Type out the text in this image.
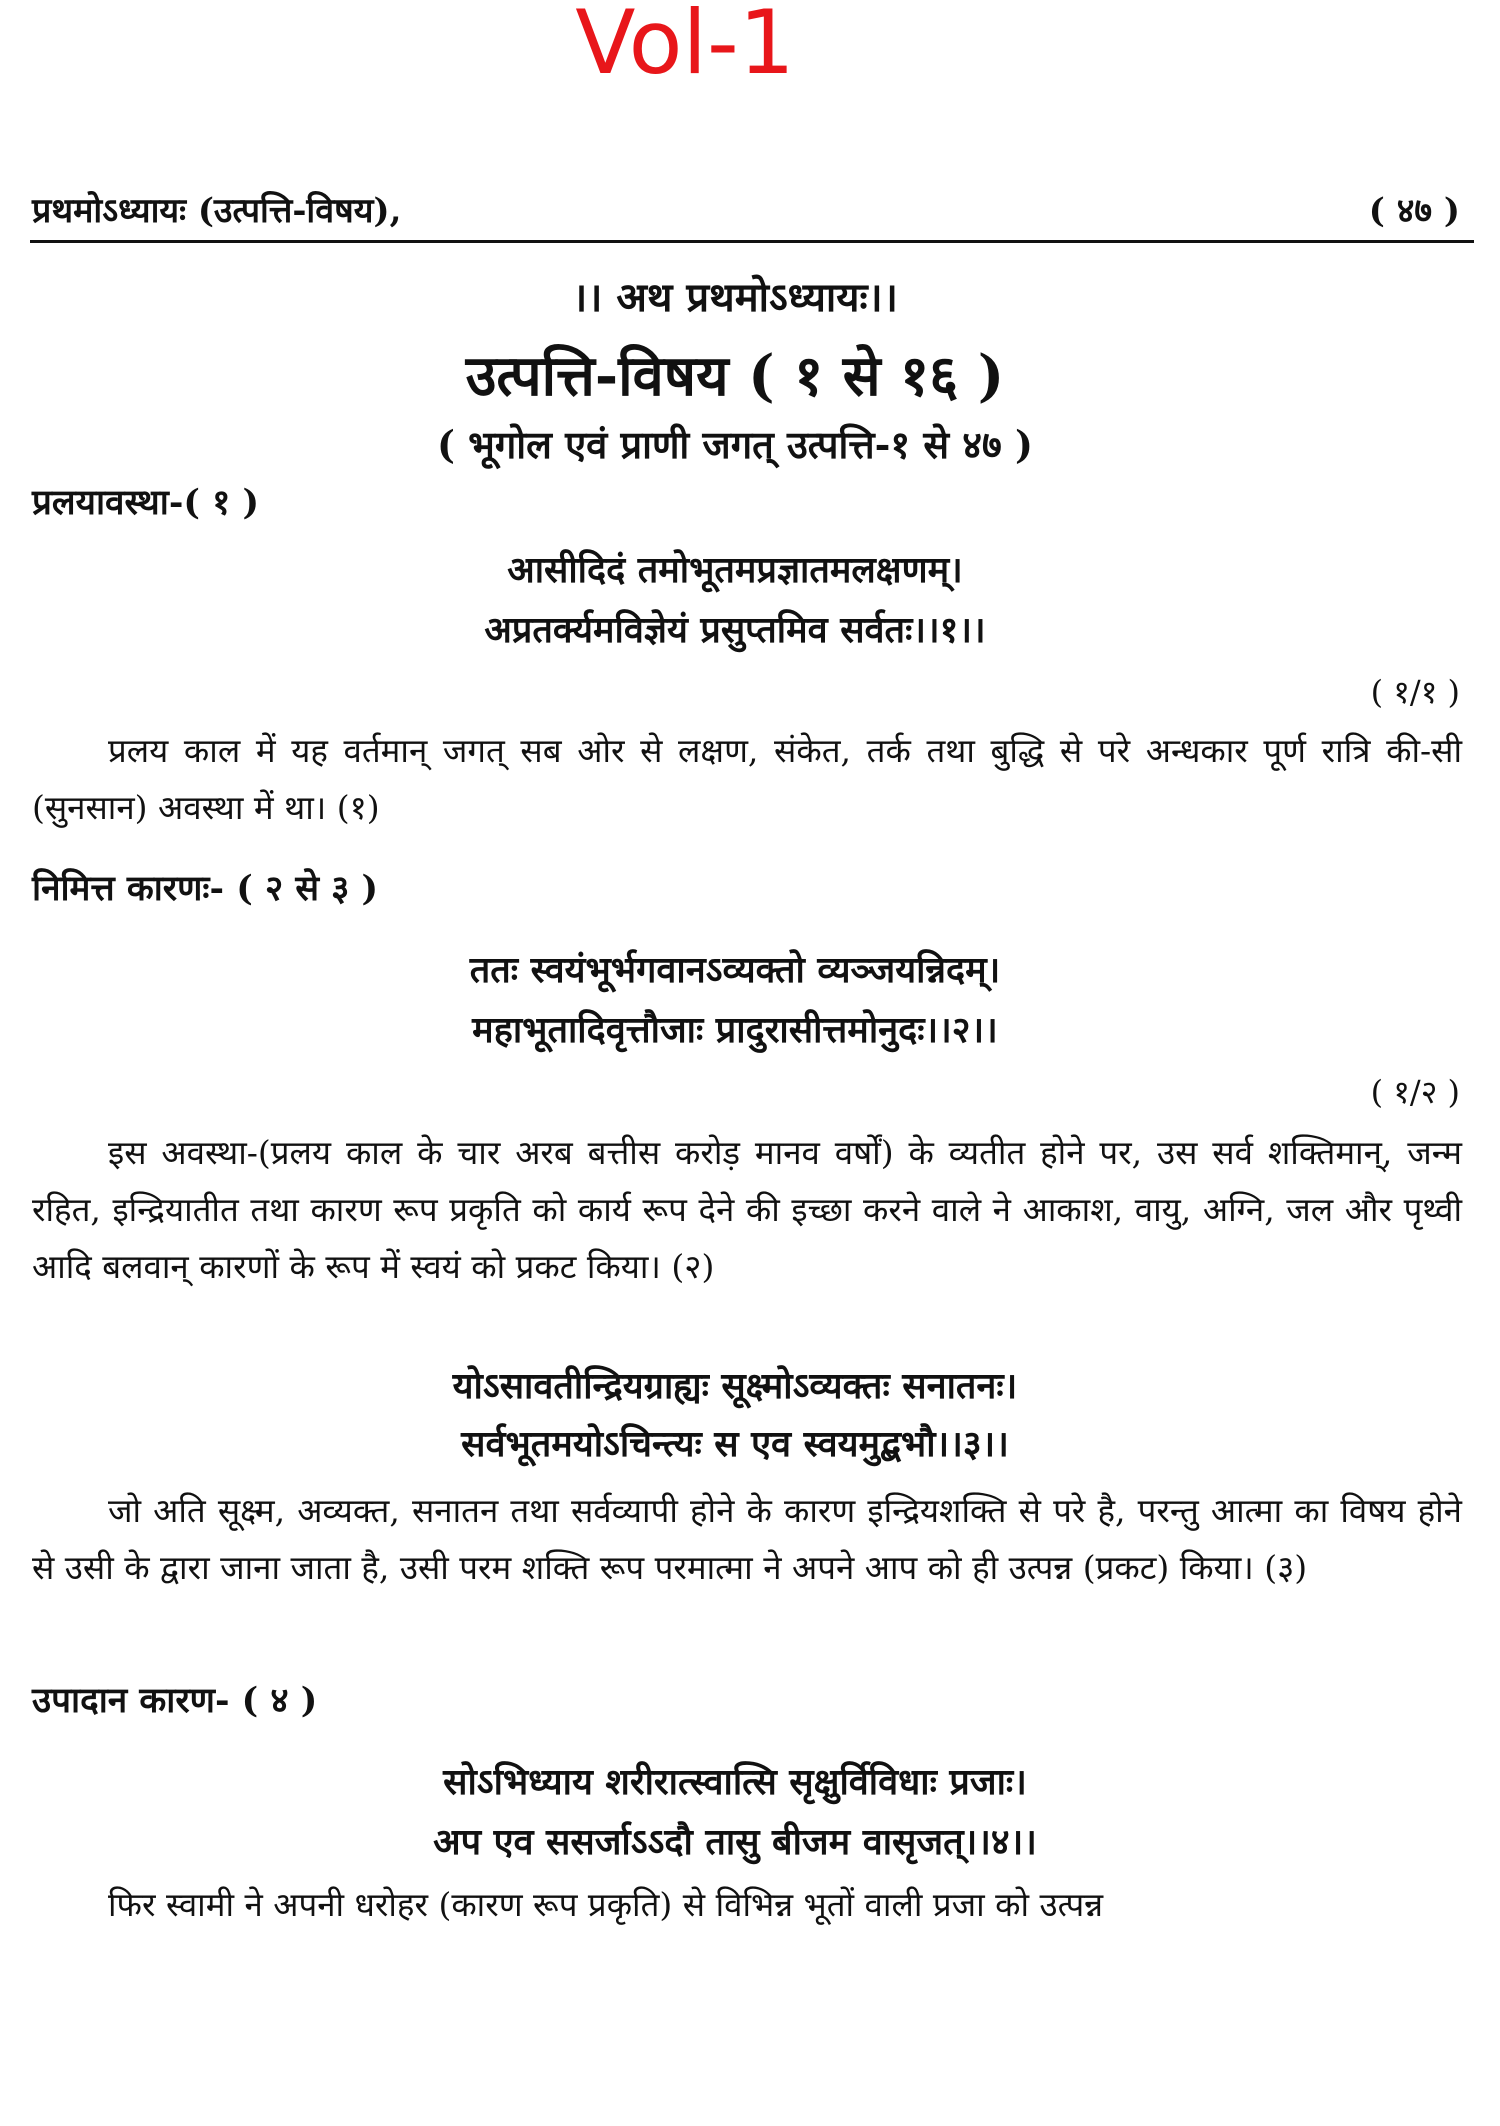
Vol-1
प्रथमोऽध्यायः (उत्पत्ति-विषय),	( ४७ )
।। अथ प्रथमोऽध्यायः।।
उत्पत्ति-विषय ( १ से १६ )
( भूगोल एवं प्राणी जगत् उत्पत्ति-१ से ४७ )
प्रलयावस्था-( १ )
आसीदिदं तमोभूतमप्रज्ञातमलक्षणम्।
अप्रतर्क्यमविज्ञेयं प्रसुप्तमिव सर्वतः।।१।।
( १/१ )

प्रलय काल में यह वर्तमान् जगत् सब ओर से लक्षण, संकेत, तर्क तथा बुद्धि से परे अन्धकार पूर्ण रात्रि की-सी (सुनसान) अवस्था में था। (१)

निमित्त कारणः- ( २ से ३ )
ततः स्वयंभूर्भगवानऽव्यक्तो व्यञ्जयन्निदम्।
महाभूतादिवृत्तौजाः प्रादुरासीत्तमोनुदः।।२।।
( १/२ )

इस अवस्था-(प्रलय काल के चार अरब बत्तीस करोड़ मानव वर्षों) के व्यतीत होने पर, उस सर्व शक्तिमान्, जन्म रहित, इन्द्रियातीत तथा कारण रूप प्रकृति को कार्य रूप देने की इच्छा करने वाले ने आकाश, वायु, अग्नि, जल और पृथ्वी आदि बलवान् कारणों के रूप में स्वयं को प्रकट किया। (२)

योऽसावतीन्द्रियग्राह्यः सूक्ष्मोऽव्यक्तः सनातनः।
सर्वभूतमयोऽचिन्त्यः स एव स्वयमुद्बभौ।।३।।

जो अति सूक्ष्म, अव्यक्त, सनातन तथा सर्वव्यापी होने के कारण इन्द्रियशक्ति से परे है, परन्तु आत्मा का विषय होने से उसी के द्वारा जाना जाता है, उसी परम शक्ति रूप परमात्मा ने अपने आप को ही उत्पन्न (प्रकट) किया। (३)

उपादान कारण- ( ४ )
सोऽभिध्याय शरीरात्स्वात्सि सृक्षुर्विविधाः प्रजाः।
अप एव ससर्जाऽऽदौ तासु बीजम वासृजत्।।४।।

फिर स्वामी ने अपनी धरोहर (कारण रूप प्रकृति) से विभिन्न भूतों वाली प्रजा को उत्पन्न
